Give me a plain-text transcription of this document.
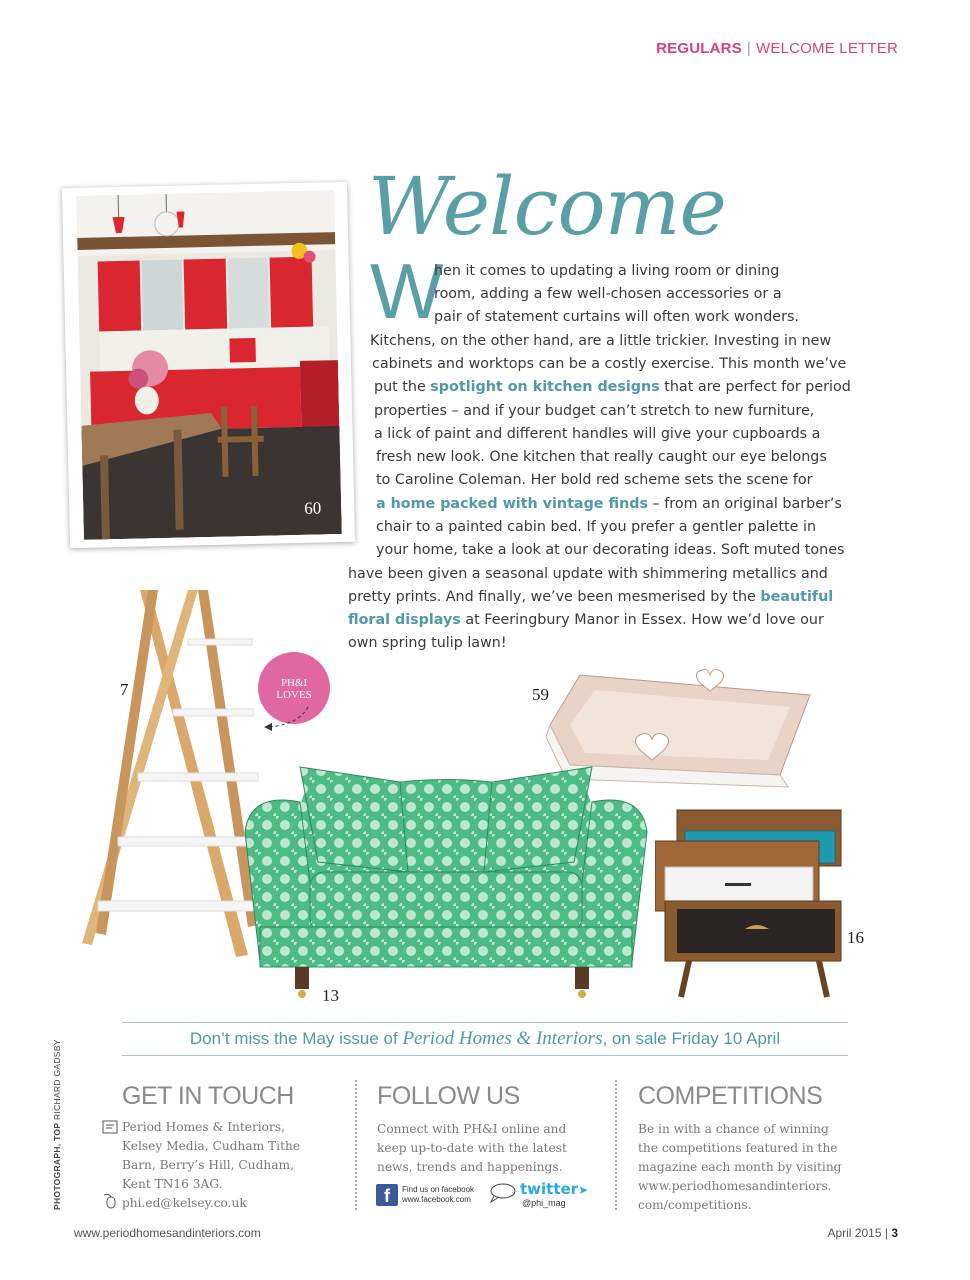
REGULARS | WELCOME LETTER
60
Welcome
W
hen it comes to updating a living room or dining
room, adding a few well-chosen accessories or a
pair of statement curtains will often work wonders.
Kitchens, on the other hand, are a little trickier. Investing in new
cabinets and worktops can be a costly exercise. This month we’ve
put the spotlight on kitchen designs that are perfect for period
properties – and if your budget can’t stretch to new furniture,
a lick of paint and different handles will give your cupboards a
fresh new look. One kitchen that really caught our eye belongs
to Caroline Coleman. Her bold red scheme sets the scene for
a home packed with vintage finds – from an original barber’s
chair to a painted cabin bed. If you prefer a gentler palette in
your home, take a look at our decorating ideas. Soft muted tones
have been given a seasonal update with shimmering metallics and
pretty prints. And finally, we’ve been mesmerised by the beautiful
floral displays at Feeringbury Manor in Essex. How we’d love our
own spring tulip lawn!
7	PH&I
LOVES	59
13
16
Don’t miss the May issue of Period Homes & Interiors, on sale Friday 10 April
PHOTOGRAPH, TOP RICHARD GADSBY GET IN TOUCH
Period Homes & Interiors,
Kelsey Media, Cudham Tithe
Barn, Berry’s Hill, Cudham,
Kent TN16 3AG.
phi.ed@kelsey.co.uk
FOLLOW US
Connect with PH&I online and
keep up-to-date with the latest
news, trends and happenings.
f	Find us on facebook
www.facebook.com
twitter➤
@phi_mag
COMPETITIONS
Be in with a chance of winning
the competitions featured in the
magazine each month by visiting
www.periodhomesandinteriors.
com/competitions.
www.periodhomesandinteriors.com	April 2015 | 3
